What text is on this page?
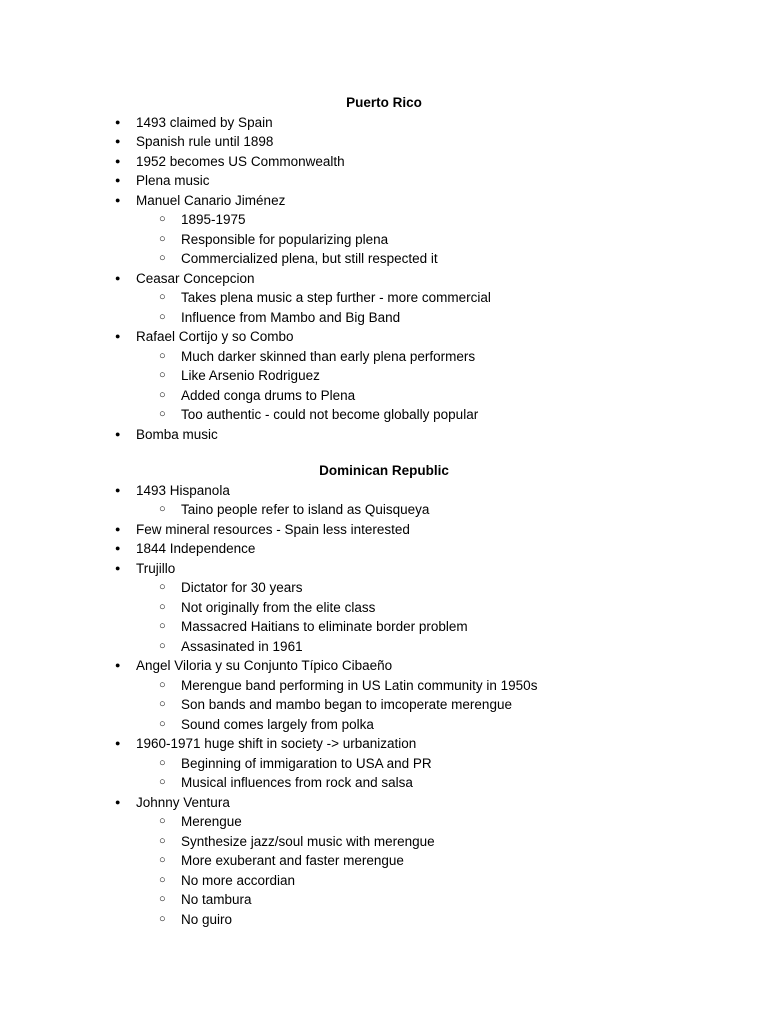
Puerto Rico
● 1493 claimed by Spain
● Spanish rule until 1898
● 1952 becomes US Commonwealth
● Plena music
● Manuel Canario Jiménez
○ 1895-1975
○ Responsible for popularizing plena
○ Commercialized plena, but still respected it
● Ceasar Concepcion
○ Takes plena music a step further - more commercial
○ Influence from Mambo and Big Band
● Rafael Cortijo y so Combo
○ Much darker skinned than early plena performers
○ Like Arsenio Rodriguez
○ Added conga drums to Plena
○ Too authentic - could not become globally popular
● Bomba music
Dominican Republic
● 1493 Hispanola
○ Taino people refer to island as Quisqueya
● Few mineral resources - Spain less interested
● 1844 Independence
● Trujillo
○ Dictator for 30 years
○ Not originally from the elite class
○ Massacred Haitians to eliminate border problem
○ Assasinated in 1961
● Angel Viloria y su Conjunto Típico Cibaeño
○ Merengue band performing in US Latin community in 1950s
○ Son bands and mambo began to imcoperate merengue
○ Sound comes largely from polka
● 1960-1971 huge shift in society -> urbanization
○ Beginning of immigaration to USA and PR
○ Musical influences from rock and salsa
● Johnny Ventura
○ Merengue
○ Synthesize jazz/soul music with merengue
○ More exuberant and faster merengue
○ No more accordian
○ No tambura
○ No guiro
